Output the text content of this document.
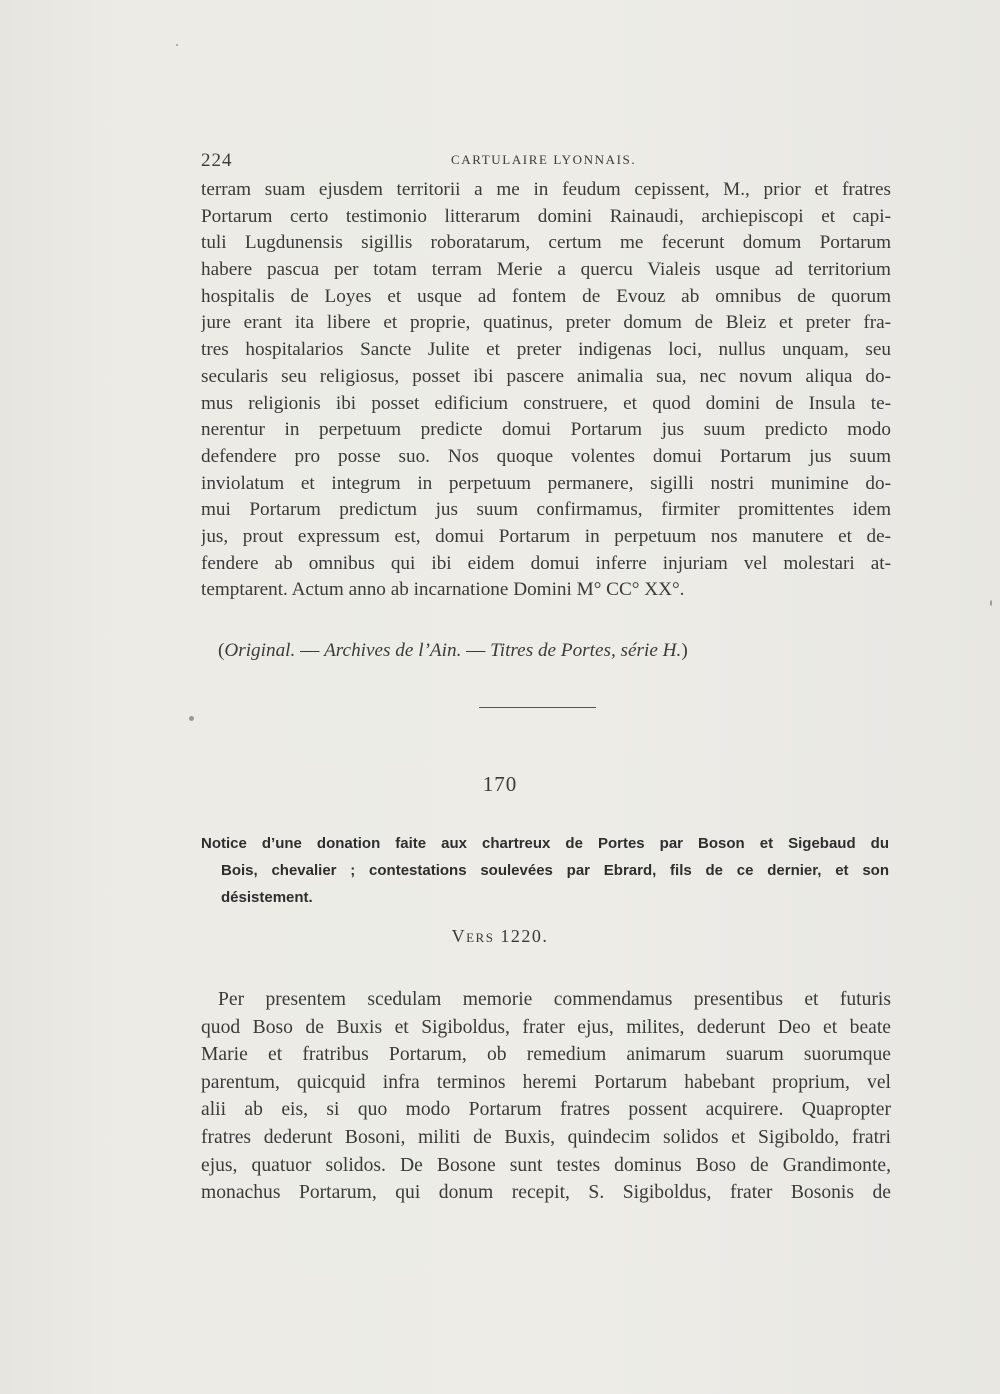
224	CARTULAIRE LYONNAIS.
terram suam ejusdem territorii a me in feudum cepissent, M., prior et fratres
Portarum certo testimonio litterarum domini Rainaudi, archiepiscopi et capi-
tuli Lugdunensis sigillis roboratarum, certum me fecerunt domum Portarum
habere pascua per totam terram Merie a quercu Vialeis usque ad territorium
hospitalis de Loyes et usque ad fontem de Evouz ab omnibus de quorum
jure erant ita libere et proprie, quatinus, preter domum de Bleiz et preter fra-
tres hospitalarios Sancte Julite et preter indigenas loci, nullus unquam, seu
secularis seu religiosus, posset ibi pascere animalia sua, nec novum aliqua do-
mus religionis ibi posset edificium construere, et quod domini de Insula te-
nerentur in perpetuum predicte domui Portarum jus suum predicto modo
defendere pro posse suo. Nos quoque volentes domui Portarum jus suum
inviolatum et integrum in perpetuum permanere, sigilli nostri munimine do-
mui Portarum predictum jus suum confirmamus, firmiter promittentes idem
jus, prout expressum est, domui Portarum in perpetuum nos manutere et de-
fendere ab omnibus qui ibi eidem domui inferre injuriam vel molestari at-
temptarent. Actum anno ab incarnatione Domini M° CC° XX°.
(Original. — Archives de l’Ain. — Titres de Portes, série H.)
170
Notice d’une donation faite aux chartreux de Portes par Boson et Sigebaud du
Bois, chevalier ; contestations soulevées par Ebrard, fils de ce dernier, et son
désistement.
Vers 1220.
Per presentem scedulam memorie commendamus presentibus et futuris
quod Boso de Buxis et Sigiboldus, frater ejus, milites, dederunt Deo et beate
Marie et fratribus Portarum, ob remedium animarum suarum suorumque
parentum, quicquid infra terminos heremi Portarum habebant proprium, vel
alii ab eis, si quo modo Portarum fratres possent acquirere. Quapropter
fratres dederunt Bosoni, militi de Buxis, quindecim solidos et Sigiboldo, fratri
ejus, quatuor solidos. De Bosone sunt testes dominus Boso de Grandimonte,
monachus Portarum, qui donum recepit, S. Sigiboldus, frater Bosonis de
